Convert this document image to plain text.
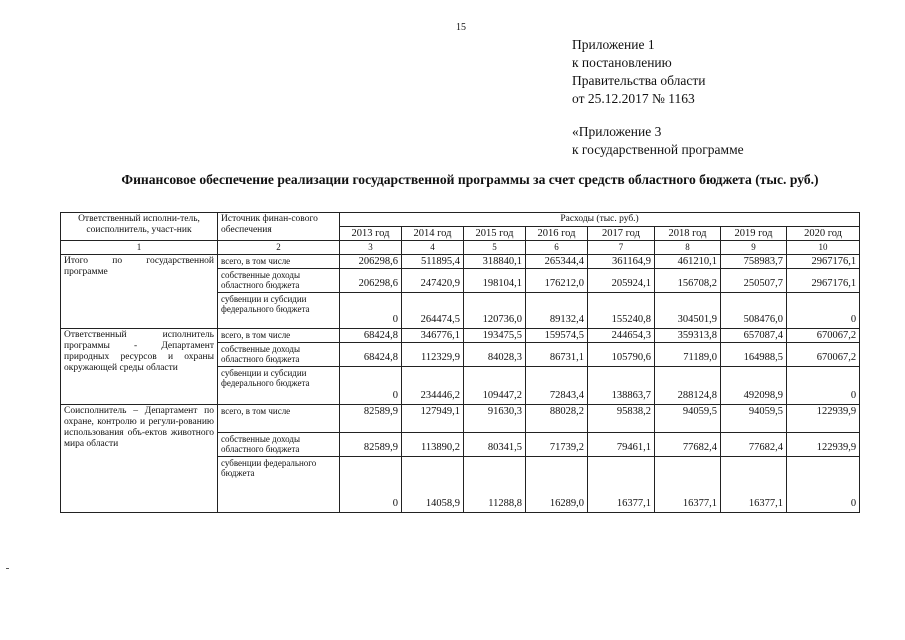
15
Приложение 1
к постановлению
Правительства области
от 25.12.2017 № 1163
«Приложение 3
к государственной программе
Финансовое обеспечение реализации государственной программы за счет средств областного бюджета (тыс. руб.)
Ответственный исполни-тель, соисполнитель, участ-ник	Источник финан-сового обеспечения	Расходы (тыс. руб.)							
		2013 год	2014 год	2015 год	2016 год	2017 год	2018 год	2019 год	2020 год
1	2	3	4	5	6	7	8	9	10
Итого по государственной программе	всего, в том числе	206298,6	511895,4	318840,1	265344,4	361164,9	461210,1	758983,7	2967176,1
	собственные доходы областного бюджета	206298,6	247420,9	198104,1	176212,0	205924,1	156708,2	250507,7	2967176,1
	субвенции и субсидии федерального бюджета	0	264474,5	120736,0	89132,4	155240,8	304501,9	508476,0	0
Ответственный исполнитель программы - Департамент природных ресурсов и охраны окружающей среды области	всего, в том числе	68424,8	346776,1	193475,5	159574,5	244654,3	359313,8	657087,4	670067,2
	собственные доходы областного бюджета	68424,8	112329,9	84028,3	86731,1	105790,6	71189,0	164988,5	670067,2
	субвенции и субсидии федерального бюджета	0	234446,2	109447,2	72843,4	138863,7	288124,8	492098,9	0
Соисполнитель – Департамент по охране, контролю и регули-рованию использования объ-ектов животного мира области	всего, в том числе	82589,9	127949,1	91630,3	88028,2	95838,2	94059,5	94059,5	122939,9
	собственные доходы областного бюджета	82589,9	113890,2	80341,5	71739,2	79461,1	77682,4	77682,4	122939,9
	субвенции федерального бюджета	0	14058,9	11288,8	16289,0	16377,1	16377,1	16377,1	0
